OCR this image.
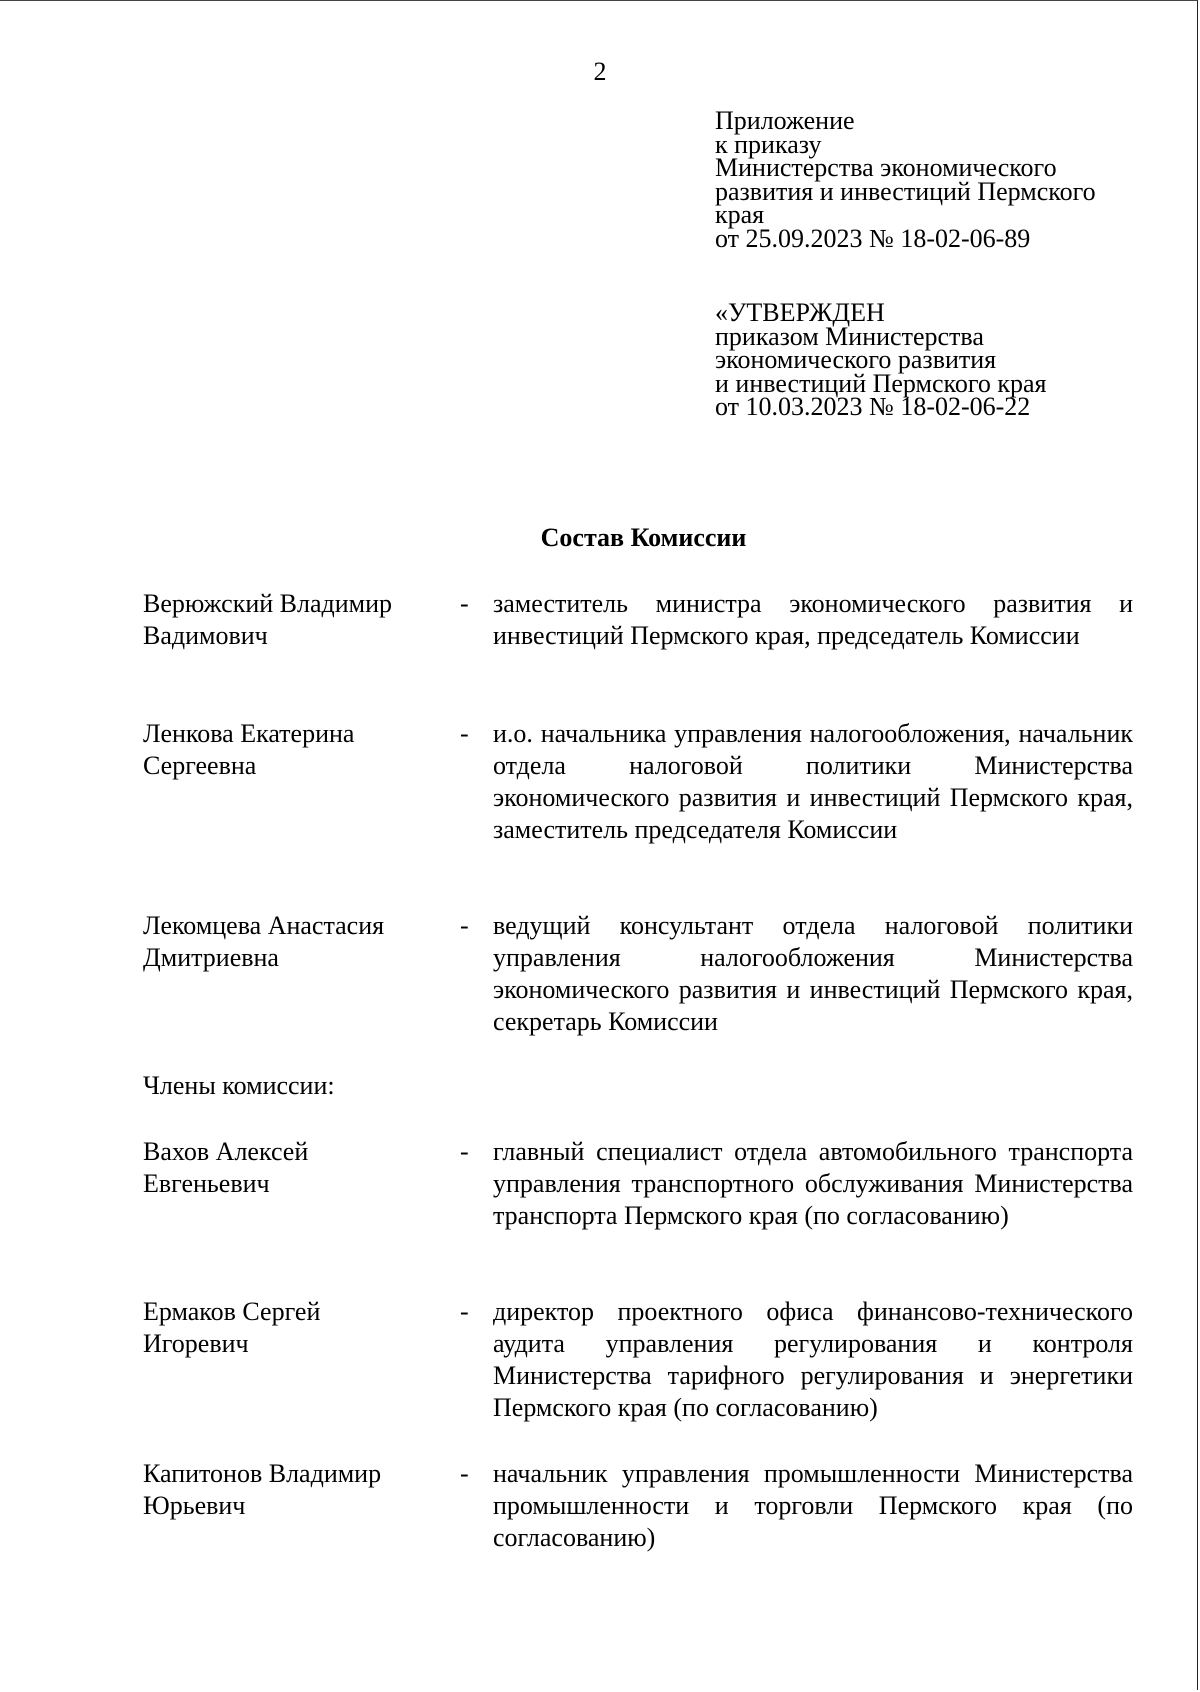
2
Приложение
к приказу
Министерства экономического
развития и инвестиций Пермского
края
от 25.09.2023 № 18-02-06-89
«УТВЕРЖДЕН
приказом Министерства
экономического развития
и инвестиций Пермского края
от 10.03.2023 № 18-02-06-22
Состав Комиссии
Верюжский Владимир
Вадимович
- заместитель министра экономического развития и инвестиций Пермского края, председатель Комиссии
Ленкова Екатерина
Сергеевна
- и.о. начальника управления налогообложения, начальник отдела налоговой политики Министерства экономического развития и инвестиций Пермского края, заместитель председателя Комиссии
Лекомцева Анастасия
Дмитриевна
- ведущий консультант отдела налоговой политики управления налогообложения Министерства экономического развития и инвестиций Пермского края, секретарь Комиссии
Члены комиссии:
Вахов Алексей
Евгеньевич
- главный специалист отдела автомобильного транспорта управления транспортного обслуживания Министерства транспорта Пермского края (по согласованию)
Ермаков Сергей
Игоревич
- директор проектного офиса финансово-технического аудита управления регулирования и контроля Министерства тарифного регулирования и энергетики Пермского края (по согласованию)
Капитонов Владимир
Юрьевич
- начальник управления промышленности Министерства промышленности и торговли Пермского края (по согласованию)
